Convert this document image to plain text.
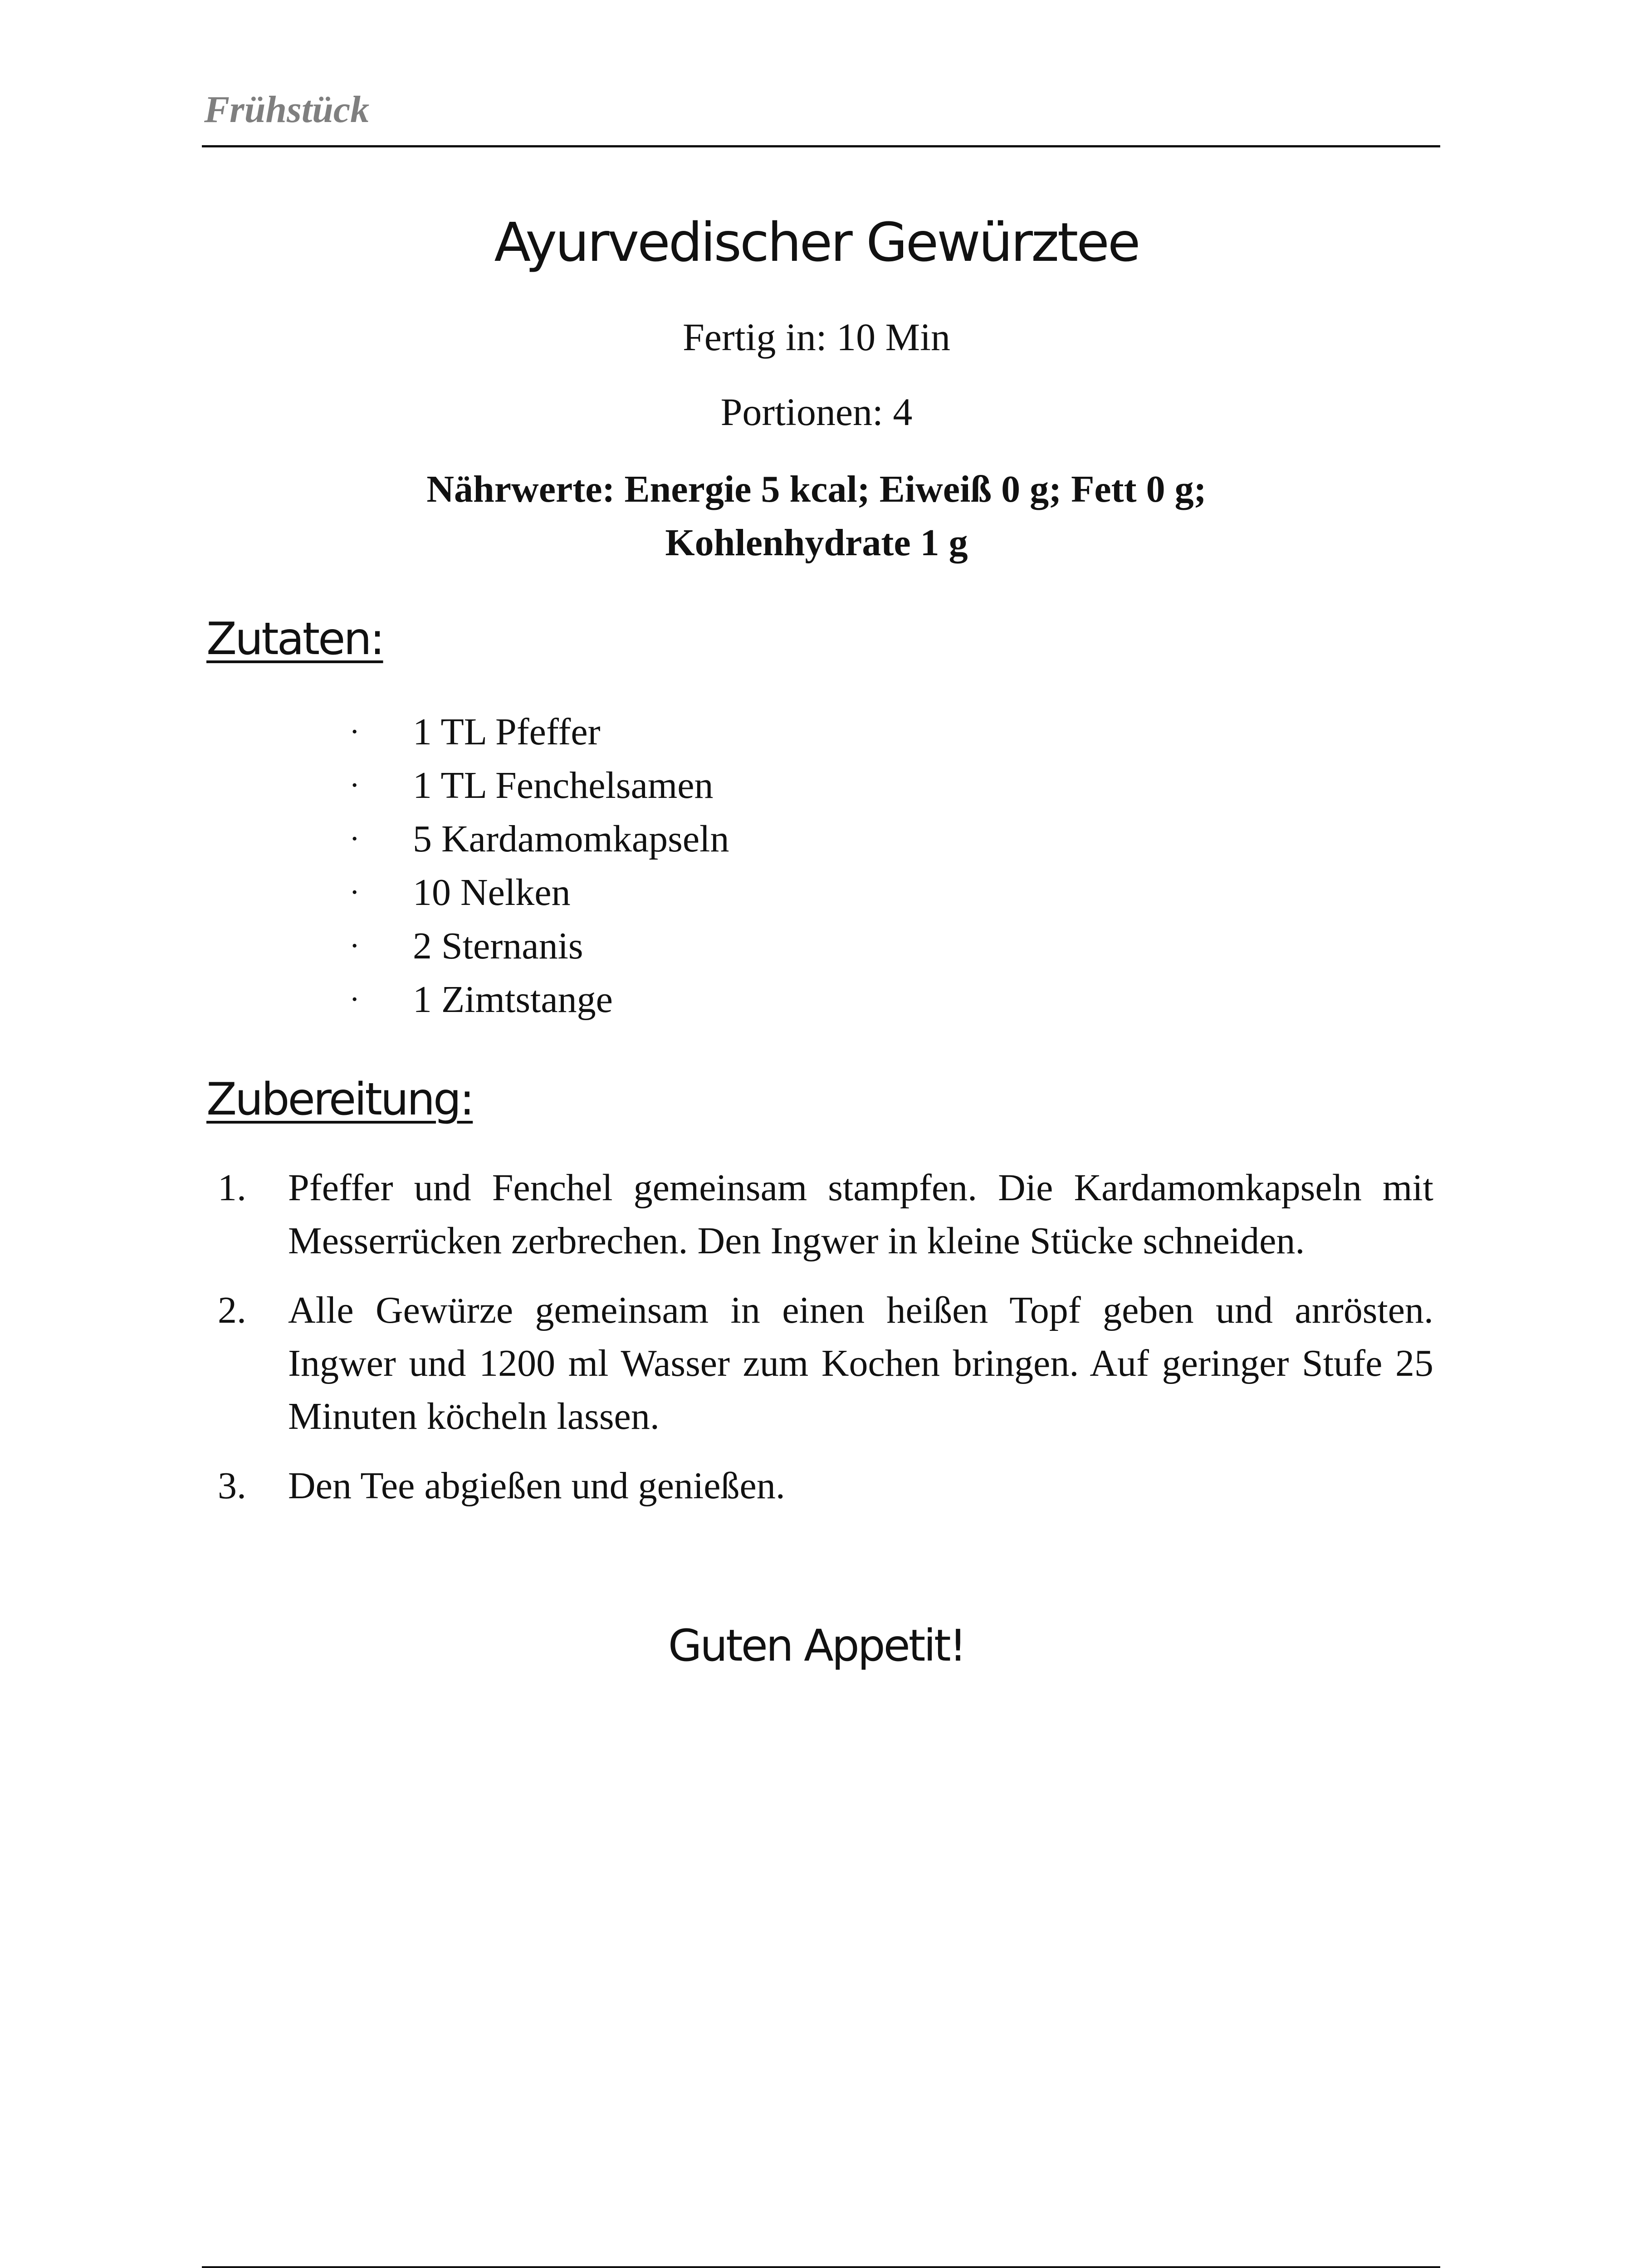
Frühstück
Ayurvedischer Gewürztee
Fertig in: 10 Min
Portionen: 4
Nährwerte: Energie 5 kcal; Eiweiß 0 g; Fett 0 g;
Kohlenhydrate 1 g
Zutaten:
· 1 TL Pfeffer
· 1 TL Fenchelsamen
· 5 Kardamomkapseln
· 10 Nelken
· 2 Sternanis
· 1 Zimtstange
Zubereitung:
1. Pfeffer und Fenchel gemeinsam stampfen. Die Kardamomkapseln mit Messerrücken zerbrechen. Den Ingwer in kleine Stücke schneiden.
2. Alle Gewürze gemeinsam in einen heißen Topf geben und anrösten. Ingwer und 1200 ml Wasser zum Kochen bringen. Auf geringer Stufe 25 Minuten köcheln lassen.
3. Den Tee abgießen und genießen.
Guten Appetit!
